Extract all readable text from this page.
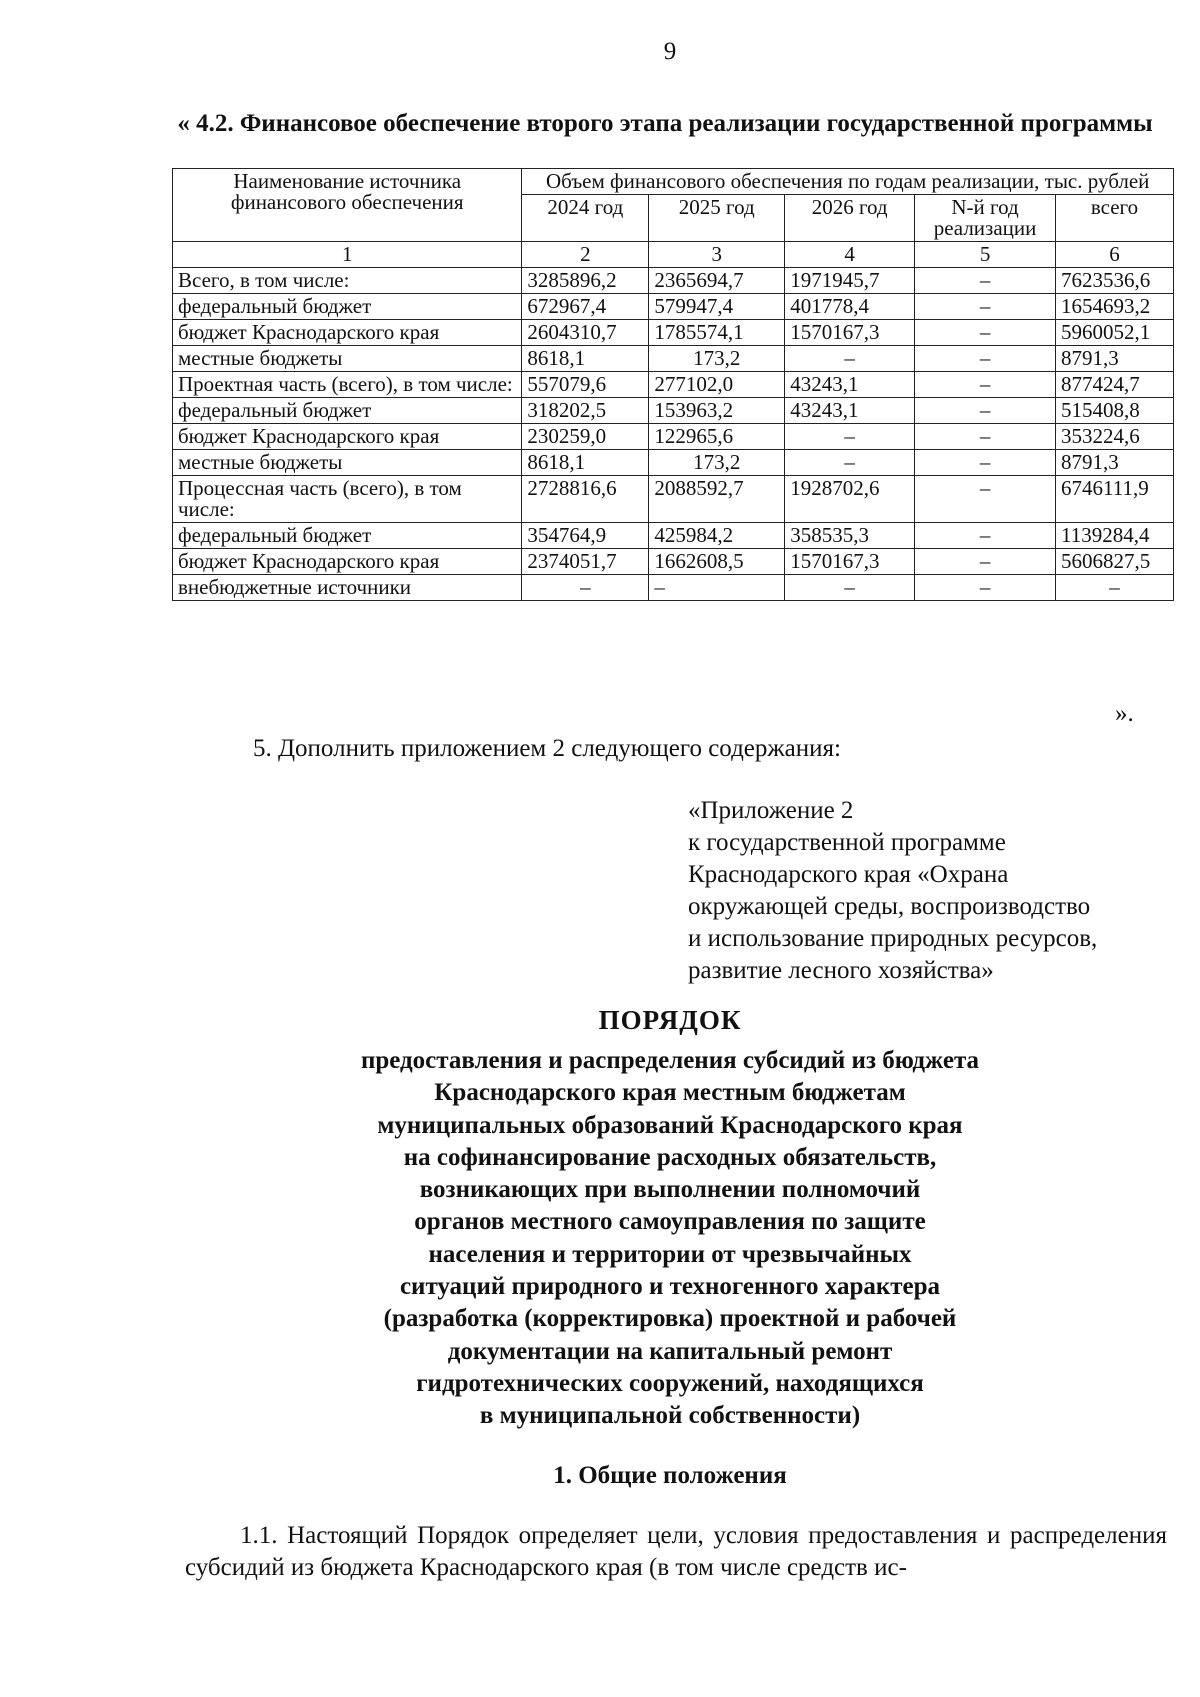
9
« 4.2. Финансовое обеспечение второго этапа реализации государственной программы
Наименование источника финансового обеспечения	Объем финансового обеспечения по годам реализации, тыс. рублей				
	2024 год	2025 год	2026 год	N-й год реализации	всего
1	2	3	4	5	6
Всего, в том числе:	3285896,2	2365694,7	1971945,7	–	7623536,6
федеральный бюджет	672967,4	579947,4	401778,4	–	1654693,2
бюджет Краснодарского края	2604310,7	1785574,1	1570167,3	–	5960052,1
местные бюджеты	8618,1	173,2	–	–	8791,3
Проектная часть (всего), в том числе:	557079,6	277102,0	43243,1	–	877424,7
федеральный бюджет	318202,5	153963,2	43243,1	–	515408,8
бюджет Краснодарского края	230259,0	122965,6	–	–	353224,6
местные бюджеты	8618,1	173,2	–	–	8791,3
Процессная часть (всего), в том числе:	2728816,6	2088592,7	1928702,6	–	6746111,9
федеральный бюджет	354764,9	425984,2	358535,3	–	1139284,4
бюджет Краснодарского края	2374051,7	1662608,5	1570167,3	–	5606827,5
внебюджетные источники	–	–	–	–	–
».
5. Дополнить приложением 2 следующего содержания:
«Приложение 2
к государственной программе
Краснодарского края «Охрана
окружающей среды, воспроизводство
и использование природных ресурсов,
развитие лесного хозяйства»
ПОРЯДОК
предоставления и распределения субсидий из бюджета
Краснодарского края местным бюджетам
муниципальных образований Краснодарского края
на софинансирование расходных обязательств,
возникающих при выполнении полномочий
органов местного самоуправления по защите
населения и территории от чрезвычайных
ситуаций природного и техногенного характера
(разработка (корректировка) проектной и рабочей
документации на капитальный ремонт
гидротехнических сооружений, находящихся
в муниципальной собственности)
1. Общие положения
1.1. Настоящий Порядок определяет цели, условия предоставления и распределения субсидий из бюджета Краснодарского края (в том числе средств ис-
